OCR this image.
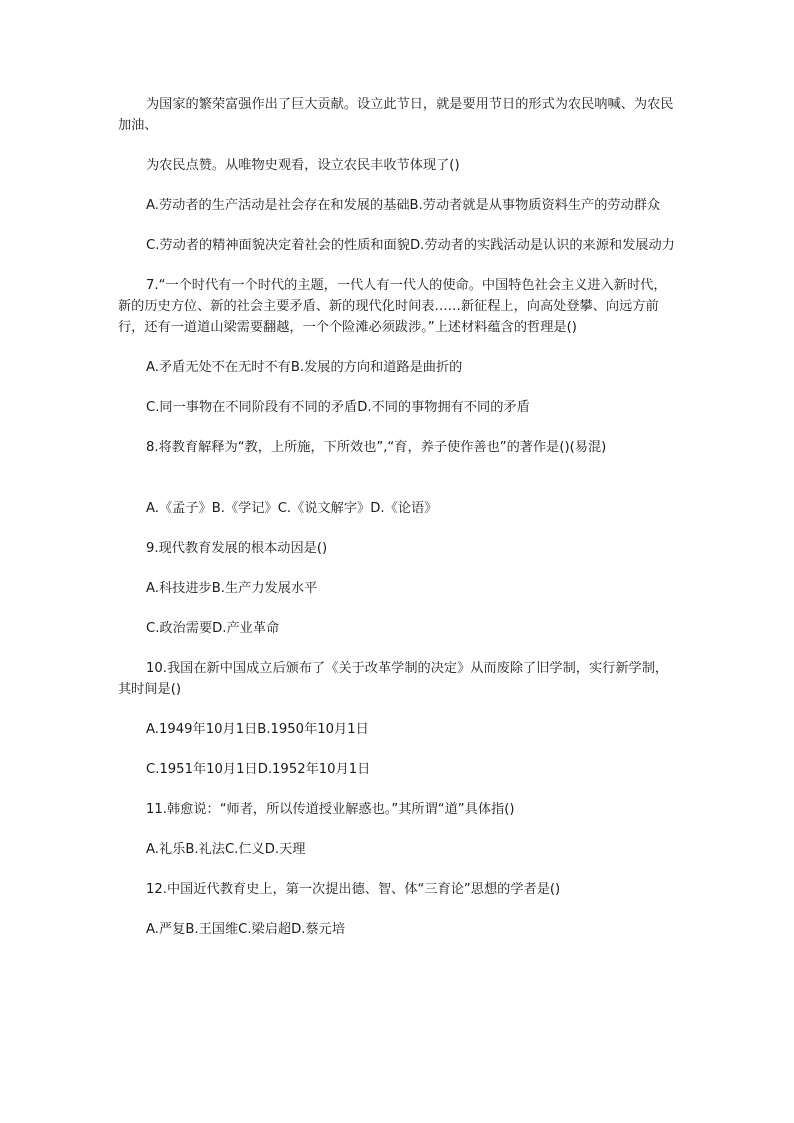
为国家的繁荣富强作出了巨大贡献。设立此节日，就是要用节日的形式为农民呐喊、为农民加油、

为农民点赞。从唯物史观看，设立农民丰收节体现了()

A.劳动者的生产活动是社会存在和发展的基础B.劳动者就是从事物质资料生产的劳动群众

C.劳动者的精神面貌决定着社会的性质和面貌D.劳动者的实践活动是认识的来源和发展动力

7.“一个时代有一个时代的主题，一代人有一代人的使命。中国特色社会主义进入新时代，新的历史方位、新的社会主要矛盾、新的现代化时间表……新征程上，向高处登攀、向远方前行，还有一道道山梁需要翻越，一个个险滩必须跋涉。”上述材料蕴含的哲理是()

A.矛盾无处不在无时不有B.发展的方向和道路是曲折的

C.同一事物在不同阶段有不同的矛盾D.不同的事物拥有不同的矛盾

8.将教育解释为“教，上所施，下所效也”,“育，养子使作善也”的著作是()(易混)

A.《孟子》B.《学记》C.《说文解字》D.《论语》

9.现代教育发展的根本动因是()

A.科技进步B.生产力发展水平

C.政治需要D.产业革命

10.我国在新中国成立后颁布了《关于改革学制的决定》从而废除了旧学制，实行新学制，其时间是()

A.1949年10月1日B.1950年10月1日

C.1951年10月1日D.1952年10月1日

11.韩愈说：“师者，所以传道授业解惑也。”其所谓“道”具体指()

A.礼乐B.礼法C.仁义D.天理

12.中国近代教育史上，第一次提出德、智、体“三育论”思想的学者是()

A.严复B.王国维C.梁启超D.蔡元培
